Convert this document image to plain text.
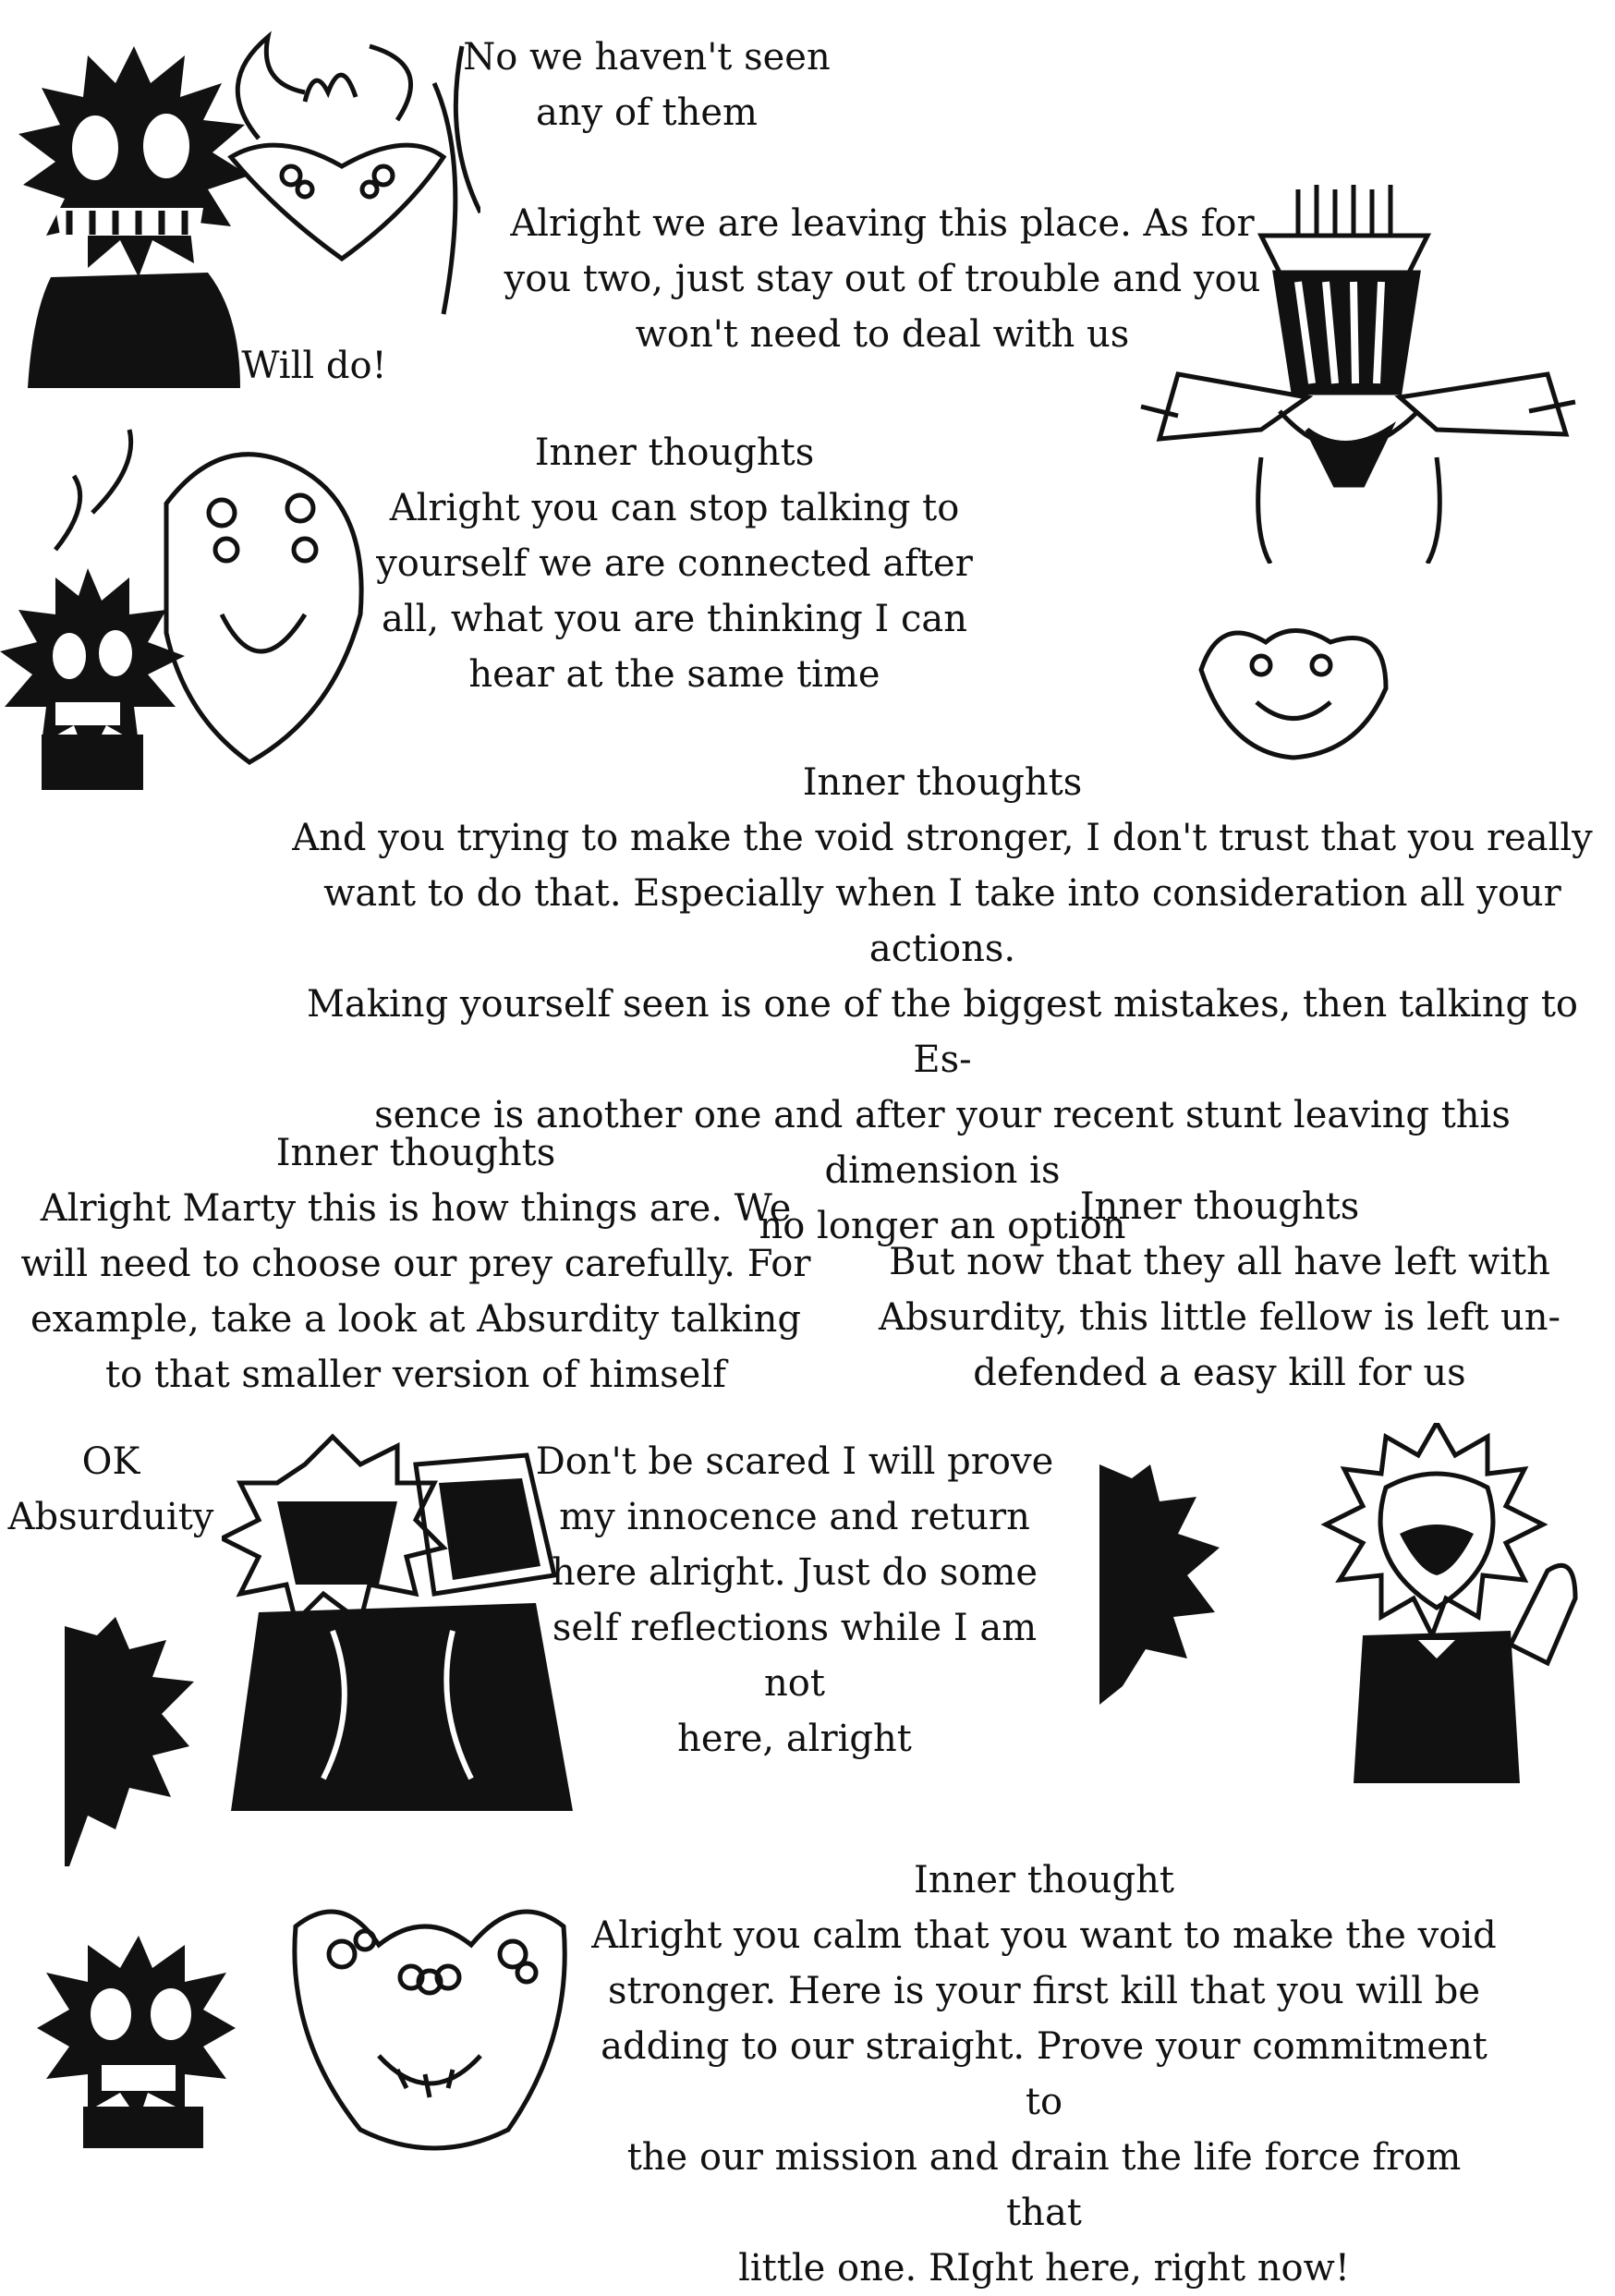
No we haven't seen
any of them
Alright we are leaving this place. As for
you two, just stay out of trouble and you
won't need to deal with us
Will do!
Inner thoughts
Alright you can stop talking to
yourself we are connected after
all, what you are thinking I can
hear at the same time
Inner thoughts
And you trying to make the void stronger, I don't trust that you really
want to do that. Especially when I take into consideration all your actions.
Making yourself seen is one of the biggest mistakes, then talking to Es-
sence is another one and after your recent stunt leaving this dimension is
no longer an option
Inner thoughts
Alright Marty this is how things are. We
will need to choose our prey carefully. For
example, take a look at Absurdity talking
to that smaller version of himself
Inner thoughts
But now that they all have left with
Absurdity, this little fellow is left un-
defended a easy kill for us
OK
Absurduity
Don't be scared I will prove
my innocence and return
here alright. Just do some
self reflections while I am not
here, alright
Inner thought
Alright you calm that you want to make the void
stronger. Here is your first kill that you will be
adding to our straight. Prove your commitment to
the our mission and drain the life force from that
little one. RIght here, right now!
